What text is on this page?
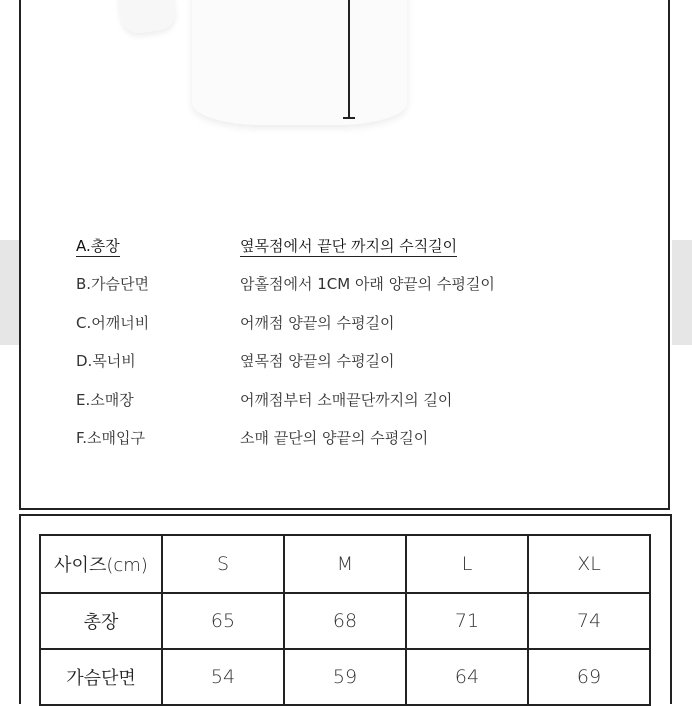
A.총장	옆목점에서 끝단 까지의 수직길이
B.가슴단면	암홀점에서 1CM 아래 양끝의 수평길이
C.어깨너비	어깨점 양끝의 수평길이
D.목너비	옆목점 양끝의 수평길이
E.소매장	어깨점부터 소매끝단까지의 길이
F.소매입구	소매 끝단의 양끝의 수평길이
사이즈(cm)	S	M	L	XL
총장	65	68	71	74
가슴단면	54	59	64	69
